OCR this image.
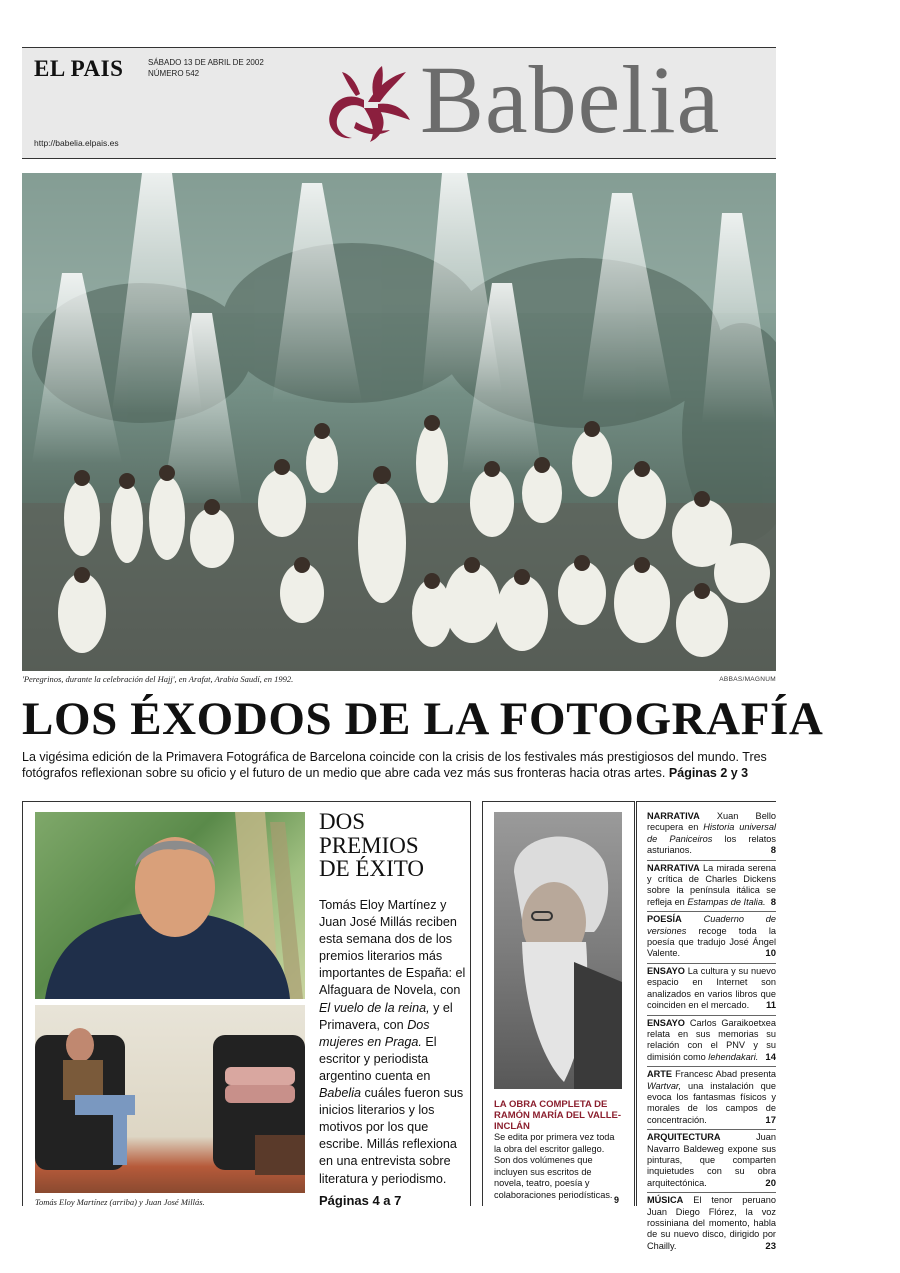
EL PAIS	SÁBADO 13 DE ABRIL DE 2002
NÚMERO 542
http://babelia.elpais.es	Babelia
'Peregrinos, durante la celebración del Hajj', en Arafat, Arabia Saudí, en 1992.	ABBAS/MAGNUM
LOS ÉXODOS DE LA FOTOGRAFÍA

La vigésima edición de la Primavera Fotográfica de Barcelona coincide con la crisis de los festivales más prestigiosos del mundo. Tres fotógrafos reflexionan sobre su oficio y el futuro de un medio que abre cada vez más sus fronteras hacia otras artes. Páginas 2 y 3

Tomás Eloy Martínez (arriba) y Juan José Millás.
DOS
PREMIOS
DE ÉXITO

Tomás Eloy Martínez y Juan José Millás reciben esta semana dos de los premios literarios más importantes de España: el Alfaguara de Novela, con El vuelo de la reina, y el Primavera, con Dos mujeres en Praga. El escritor y periodista argentino cuenta en Babelia cuáles fueron sus inicios literarios y los motivos por los que escribe. Millás reflexiona en una entrevista sobre literatura y periodismo.

Páginas 4 a 7
LA OBRA COMPLETA DE RAMÓN MARÍA DEL VALLE-INCLÁN

Se edita por primera vez toda la obra del escritor gallego. Son dos volúmenes que incluyen sus escritos de novela, teatro, poesía y colaboraciones periodísticas.

9
NARRATIVA Xuan Bello recupera en Historia universal de Paniceiros los relatos asturianos.	8
NARRATIVA La mirada serena y crítica de Charles Dickens sobre la península itálica se refleja en Estampas de Italia. 8
POESÍA Cuaderno de versiones recoge toda la poesía que tradujo José Ángel Valente.	10
ENSAYO La cultura y su nuevo espacio en Internet son analizados en varios libros que coinciden en el mercado.	11
ENSAYO Carlos Garaikoetxea relata en sus memorias su relación con el PNV y su dimisión como lehendakari. 14
ARTE Francesc Abad presenta Wartvar, una instalación que evoca los fantasmas físicos y morales de los campos de concentración.	17
ARQUITECTURA Juan Navarro Baldeweg expone sus pinturas, que comparten inquietudes con su obra arquitectónica.	20
MÚSICA El tenor peruano Juan Diego Flórez, la voz rossiniana del momento, habla de su nuevo disco, dirigido por Chailly.	23
